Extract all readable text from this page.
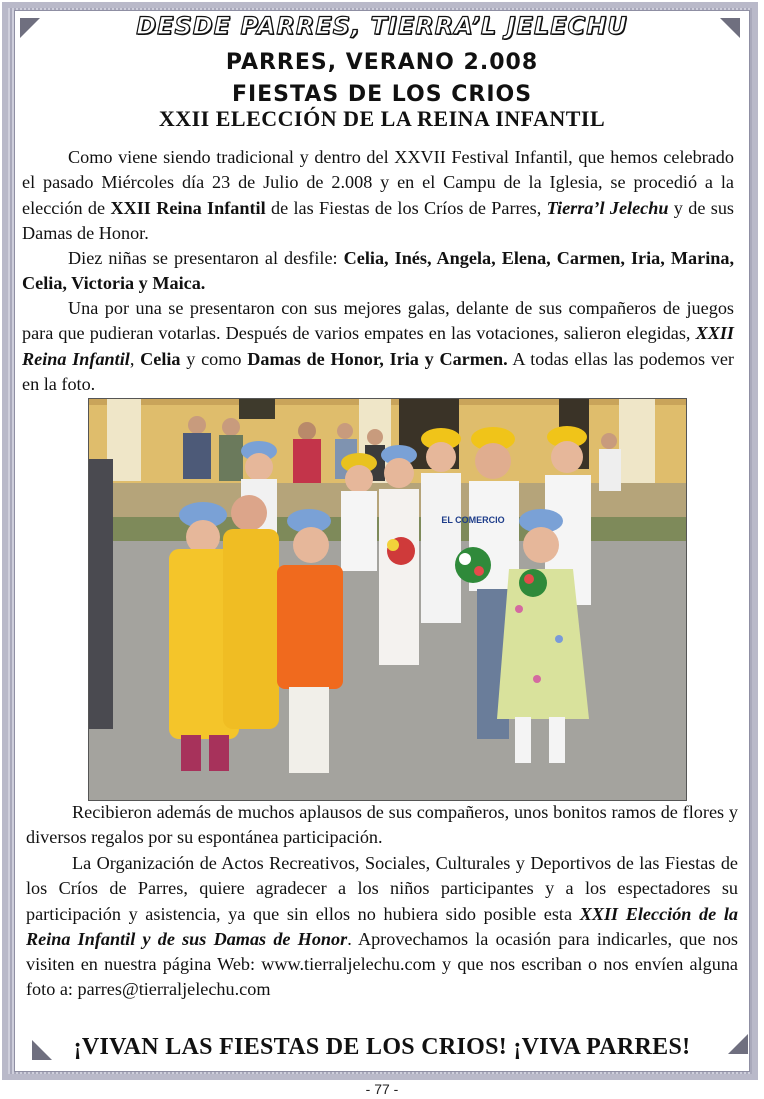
DESDE PARRES, TIERRA’L JELECHU
PARRES, VERANO 2.008
FIESTAS DE LOS CRIOS
XXII ELECCIÓN DE LA REINA INFANTIL
Como viene siendo tradicional y dentro del XXVII Festival Infantil, que hemos celebrado el pasado Miércoles día 23 de Julio de 2.008 y en el Campu de la Iglesia, se procedió a la elección de XXII Reina Infantil de las Fiestas de los Críos de Parres, Tierra’l Jelechu y de sus Damas de Honor.
Diez niñas se presentaron al desfile: Celia, Inés, Angela, Elena, Carmen, Iria, Marina, Celia, Victoria y Maica.
Una por una se presentaron con sus mejores galas, delante de sus compañeros de juegos para que pudieran votarlas. Después de varios empates en las votaciones, salieron elegidas, XXII Reina Infantil, Celia y como Damas de Honor, Iria y Carmen. A todas ellas las podemos ver en la foto.
EL COMERCIO
Recibieron además de muchos aplausos de sus compañeros, unos bonitos ramos de flores y diversos regalos por su espontánea participación.
La Organización de Actos Recreativos, Sociales, Culturales y Deportivos de las Fiestas de los Críos de Parres, quiere agradecer a los niños participantes y a los espectadores su participación y asistencia, ya que sin ellos no hubiera sido posible esta XXII Elección de la Reina Infantil y de sus Damas de Honor. Aprovechamos la ocasión para indicarles, que nos visiten en nuestra página Web: www.tierraljelechu.com y que nos escriban o nos envíen alguna foto a: parres@tierraljelechu.com
¡VIVAN LAS FIESTAS DE LOS CRIOS! ¡VIVA PARRES!
- 77 -
